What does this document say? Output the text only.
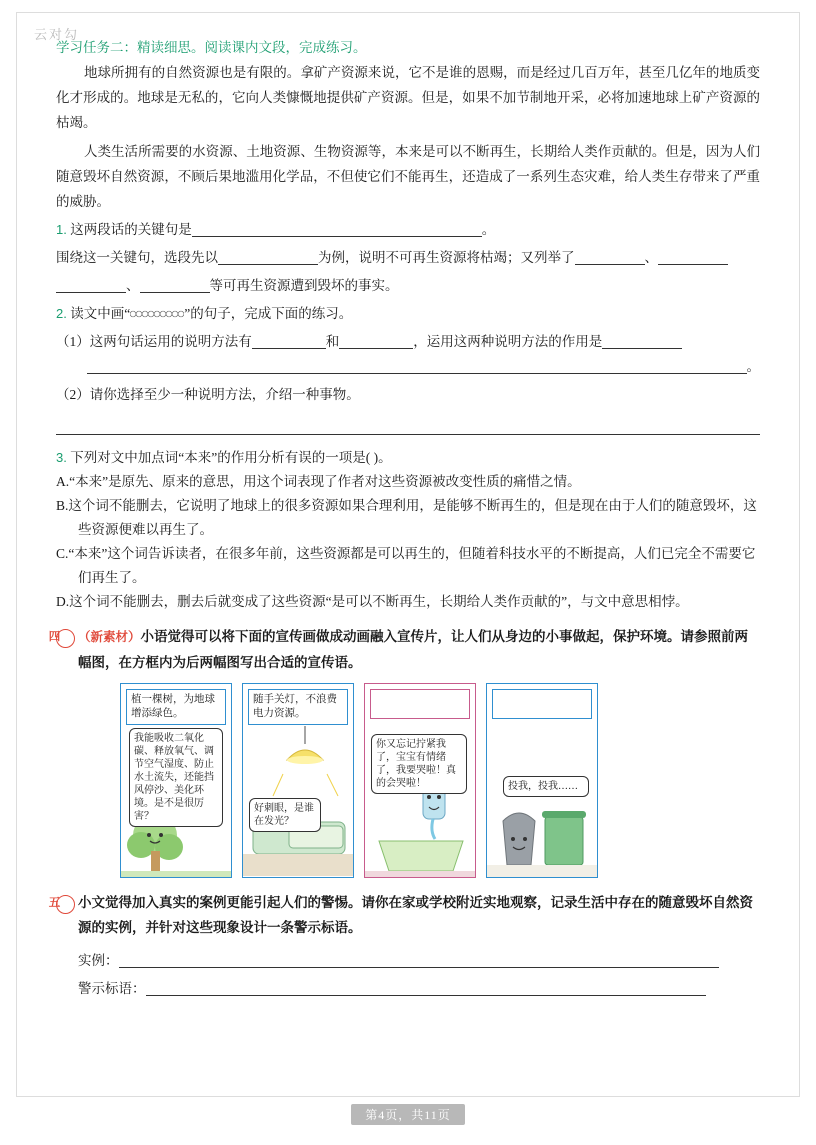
云对勾
学习任务二：精读细思。阅读课内文段，完成练习。

地球所拥有的自然资源也是有限的。拿矿产资源来说，它不是谁的恩赐，而是经过几百万年，甚至几亿年的地质变化才形成的。地球是无私的，它向人类慷慨地提供矿产资源。但是，如果不加节制地开采，必将加速地球上矿产资源的枯竭。

人类生活所需要的水资源、土地资源、生物资源等，本来是可以不断再生，长期给人类作贡献的。但是，因为人们随意毁坏自然资源，不顾后果地滥用化学品，不但使它们不能再生，还造成了一系列生态灾难，给人类生存带来了严重的威胁。

1. 这两段话的关键句是	。

围绕这一关键句，选段先以	为例，说明不可再生资源将枯竭；又列举了	、

、	等可再生资源遭到毁坏的事实。

2. 读文中画“	”的句子，完成下面的练习。

（1）这两句话运用的说明方法有	和	，运用这两种说明方法的作用是

。

（2）请你选择至少一种说明方法，介绍一种事物。

3. 下列对文中加点词“本来”的作用分析有误的一项是( )。

A.“本来”是原先、原来的意思，用这个词表现了作者对这些资源被改变性质的痛惜之情。

B.这个词不能删去，它说明了地球上的很多资源如果合理利用，是能够不断再生的，但是现在由于人们的随意毁坏，这些资源便难以再生了。

C.“本来”这个词告诉读者，在很多年前，这些资源都是可以再生的，但随着科技水平的不断提高，人们已完全不需要它们再生了。

D.这个词不能删去，删去后就变成了这些资源“是可以不断再生，长期给人类作贡献的”，与文中意思相悖。

四 （新素材）小语觉得可以将下面的宣传画做成动画融入宣传片，让人们从身边的小事做起，保护环境。请参照前两幅图，在方框内为后两幅图写出合适的宣传语。
植一棵树，为地球增添绿色。
我能吸收二氧化碳、释放氧气、调节空气湿度、防止水土流失，还能挡风停沙、美化环境。是不是很厉害？
随手关灯，不浪费电力资源。
好刺眼，是谁在发光？
你又忘记拧紧我了，宝宝有情绪了，我要哭啦！真的会哭啦！	投我，投我……
五 小文觉得加入真实的案例更能引起人们的警惕。请你在家或学校附近实地观察，记录生活中存在的随意毁坏自然资源的实例，并针对这些现象设计一条警示标语。

实例：

警示标语：

第4页，共11页
